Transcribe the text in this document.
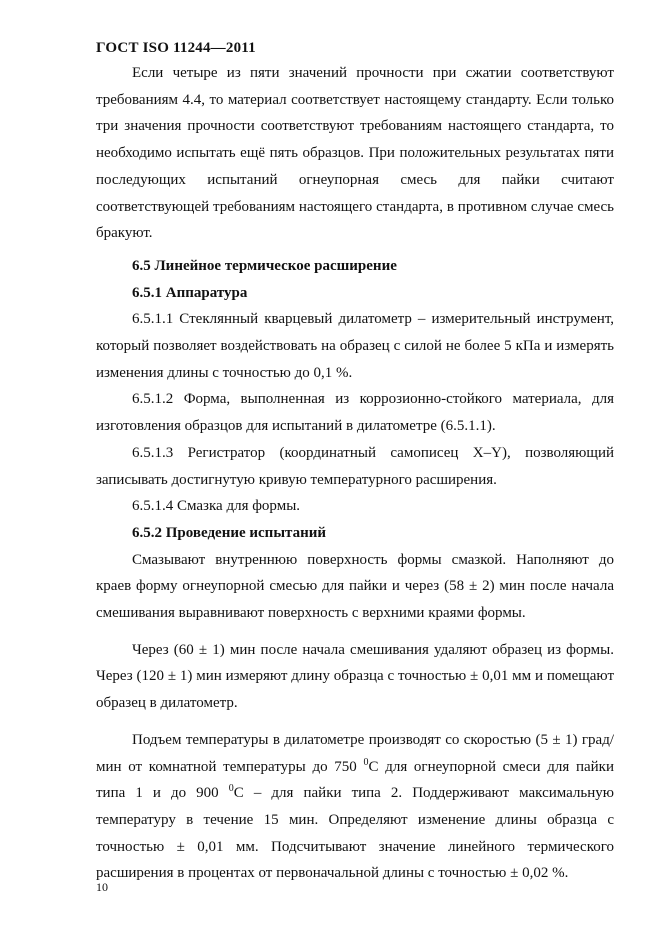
ГОСТ ISO 11244—2011

Если четыре из пяти значений прочности при сжатии соответствуют требованиям 4.4, то материал соответствует настоящему стандарту. Если только три значения прочности соответствуют требованиям настоящего стандарта, то необходимо испытать ещё пять образцов. При положительных результатах пяти последующих испытаний огнеупорная смесь для пайки считают соответствующей требованиям настоящего стандарта, в противном случае смесь бракуют.

6.5 Линейное термическое расширение

6.5.1 Аппаратура

6.5.1.1 Стеклянный кварцевый дилатометр – измерительный инструмент, который позволяет воздействовать на образец с силой не более 5 кПа и измерять изменения длины с точностью до 0,1 %.

6.5.1.2 Форма, выполненная из коррозионно-стойкого материала, для изготовления образцов для испытаний в дилатометре (6.5.1.1).

6.5.1.3 Регистратор (координатный самописец X–Y), позволяющий записывать достигнутую кривую температурного расширения.

6.5.1.4 Смазка для формы.

6.5.2 Проведение испытаний

Смазывают внутреннюю поверхность формы смазкой. Наполняют до краев форму огнеупорной смесью для пайки и через (58 ± 2) мин после начала смешивания выравнивают поверхность с верхними краями формы.

Через (60 ± 1) мин после начала смешивания удаляют образец из формы. Через (120 ± 1) мин измеряют длину образца с точностью ± 0,01 мм и помещают образец в дилатометр.

Подъем температуры в дилатометре производят со скоростью (5 ± 1) град/мин от комнатной температуры до 750 $^0$С для огнеупорной смеси для пайки типа 1 и до 900 $^0$С – для пайки типа 2. Поддерживают максимальную температуру в течение 15 мин. Определяют изменение длины образца с точностью ± 0,01 мм. Подсчитывают значение линейного термического расширения в процентах от первоначальной длины с точностью ± 0,02 %.

10
